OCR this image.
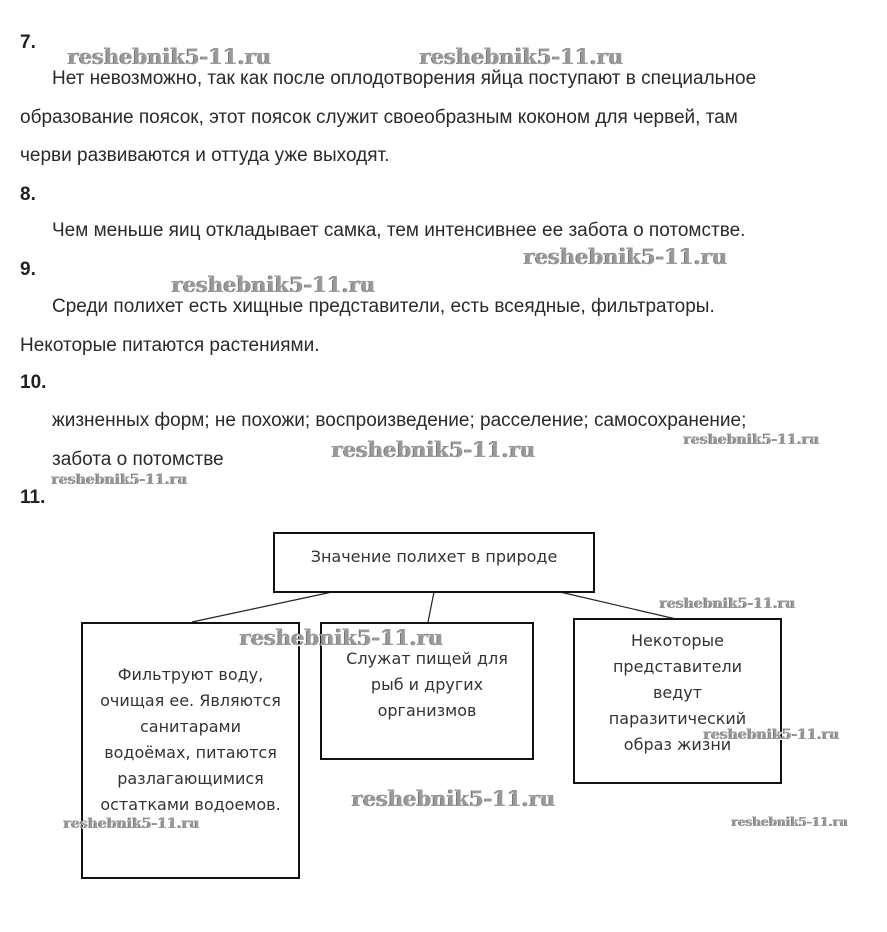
7.
8.
9.
10.
11.
Нет невозможно, так как после оплодотворения яйца поступают в специальное
образование поясок, этот поясок служит своеобразным коконом для червей, там
черви развиваются и оттуда уже выходят.
Чем меньше яиц откладывает самка, тем интенсивнее ее забота о потомстве.
Среди полихет есть хищные представители, есть всеядные, фильтраторы.
Некоторые питаются растениями.
жизненных форм; не похожи; воспроизведение; расселение; самосохранение;
забота о потомстве
Значение полихет в природе
Фильтруют воду,
очищая ее. Являются
санитарами
водоёмах, питаются
разлагающимися
остатками водоемов.
Служат пищей для
рыб и других
организмов
Некоторые
представители
ведут
паразитический
образ жизни
reshebnik5-11.ru	reshebnik5-11.ru
reshebnik5-11.ru
reshebnik5-11.ru
reshebnik5-11.ru
reshebnik5-11.ru
reshebnik5-11.ru
reshebnik5-11.ru
reshebnik5-11.ru
reshebnik5-11.ru
reshebnik5-11.ru
reshebnik5-11.ru	reshebnik5-11.ru
